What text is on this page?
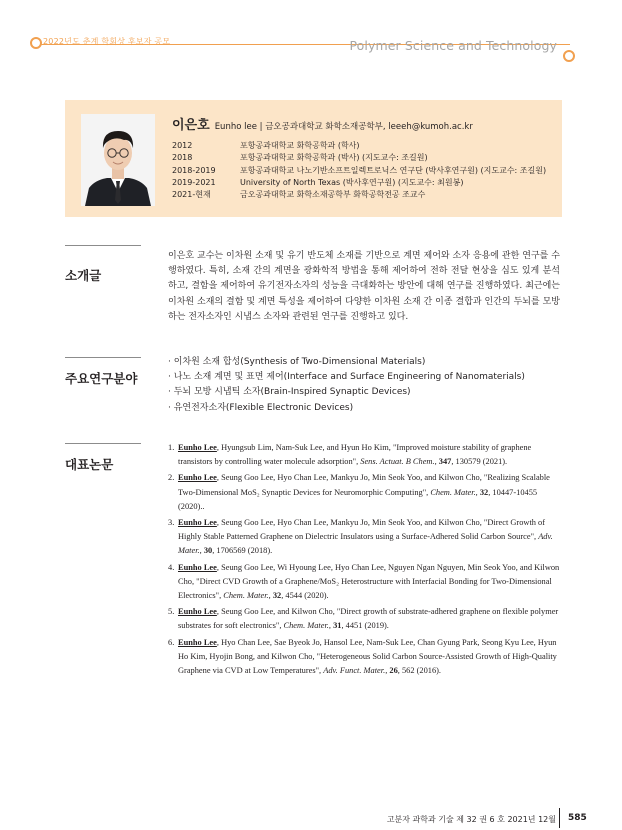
2022년도 춘계 학회상 후보자 공모	Polymer Science and Technology
이은호 Eunho lee | 금오공과대학교 화학소재공학부, leeeh@kumoh.ac.kr
2012	포항공과대학교 화학공학과 (학사)
2018	포항공과대학교 화학공학과 (박사) (지도교수: 조길원)
2018-2019	포항공과대학교 나노기반소프트일렉트로닉스 연구단 (박사후연구원) (지도교수: 조길원)
2019-2021	University of North Texas (박사후연구원) (지도교수: 최원봉)
2021-현재	금오공과대학교 화학소재공학부 화학공학전공 조교수
소개글
이은호 교수는 이차원 소재 및 유기 반도체 소재를 기반으로 계면 제어와 소자 응용에 관한 연구를 수행하였다. 특히, 소재 간의 계면을 광화학적 방법을 통해 제어하여 전하 전달 현상을 심도 있게 분석하고, 결함을 제어하여 유기전자소자의 성능을 극대화하는 방안에 대해 연구를 진행하였다. 최근에는 이차원 소재의 결함 및 계면 특성을 제어하여 다양한 이차원 소재 간 이종 결합과 인간의 두뇌를 모방하는 전자소자인 시냅스 소자와 관련된 연구를 진행하고 있다.
주요연구분야
· 이차원 소재 합성(Synthesis of Two-Dimensional Materials)
· 나노 소재 계면 및 표면 제어(Interface and Surface Engineering of Nanomaterials)
· 두뇌 모방 시냅틱 소자(Brain-Inspired Synaptic Devices)
· 유연전자소자(Flexible Electronic Devices)
대표논문
1. Eunho Lee, Hyungsub Lim, Nam-Suk Lee, and Hyun Ho Kim, "Improved moisture stability of graphene transistors by controlling water molecule adsorption", Sens. Actuat. B Chem., 347, 130579 (2021).
2. Eunho Lee, Seung Goo Lee, Hyo Chan Lee, Mankyu Jo, Min Seok Yoo, and Kilwon Cho, "Realizing Scalable Two-Dimensional MoS₂ Synaptic Devices for Neuromorphic Computing", Chem. Mater., 32, 10447-10455 (2020)..
3. Eunho Lee, Seung Goo Lee, Hyo Chan Lee, Mankyu Jo, Min Seok Yoo, and Kilwon Cho, "Direct Growth of Highly Stable Patterned Graphene on Dielectric Insulators using a Surface-Adhered Solid Carbon Source", Adv. Mater., 30, 1706569 (2018).
4. Eunho Lee, Seung Goo Lee, Wi Hyoung Lee, Hyo Chan Lee, Nguyen Ngan Nguyen, Min Seok Yoo, and Kilwon Cho, "Direct CVD Growth of a Graphene/MoS₂ Heterostructure with Interfacial Bonding for Two-Dimensional Electronics", Chem. Mater., 32, 4544 (2020).
5. Eunho Lee, Seung Goo Lee, and Kilwon Cho, "Direct growth of substrate-adhered graphene on flexible polymer substrates for soft electronics", Chem. Mater., 31, 4451 (2019).
6. Eunho Lee, Hyo Chan Lee, Sae Byeok Jo, Hansol Lee, Nam-Suk Lee, Chan Gyung Park, Seong Kyu Lee, Hyun Ho Kim, Hyojin Bong, and Kilwon Cho, "Heterogeneous Solid Carbon Source-Assisted Growth of High-Quality Graphene via CVD at Low Temperatures", Adv. Funct. Mater., 26, 562 (2016).
고분자 과학과 기술 제 32 권 6 호 2021년 12월 585
